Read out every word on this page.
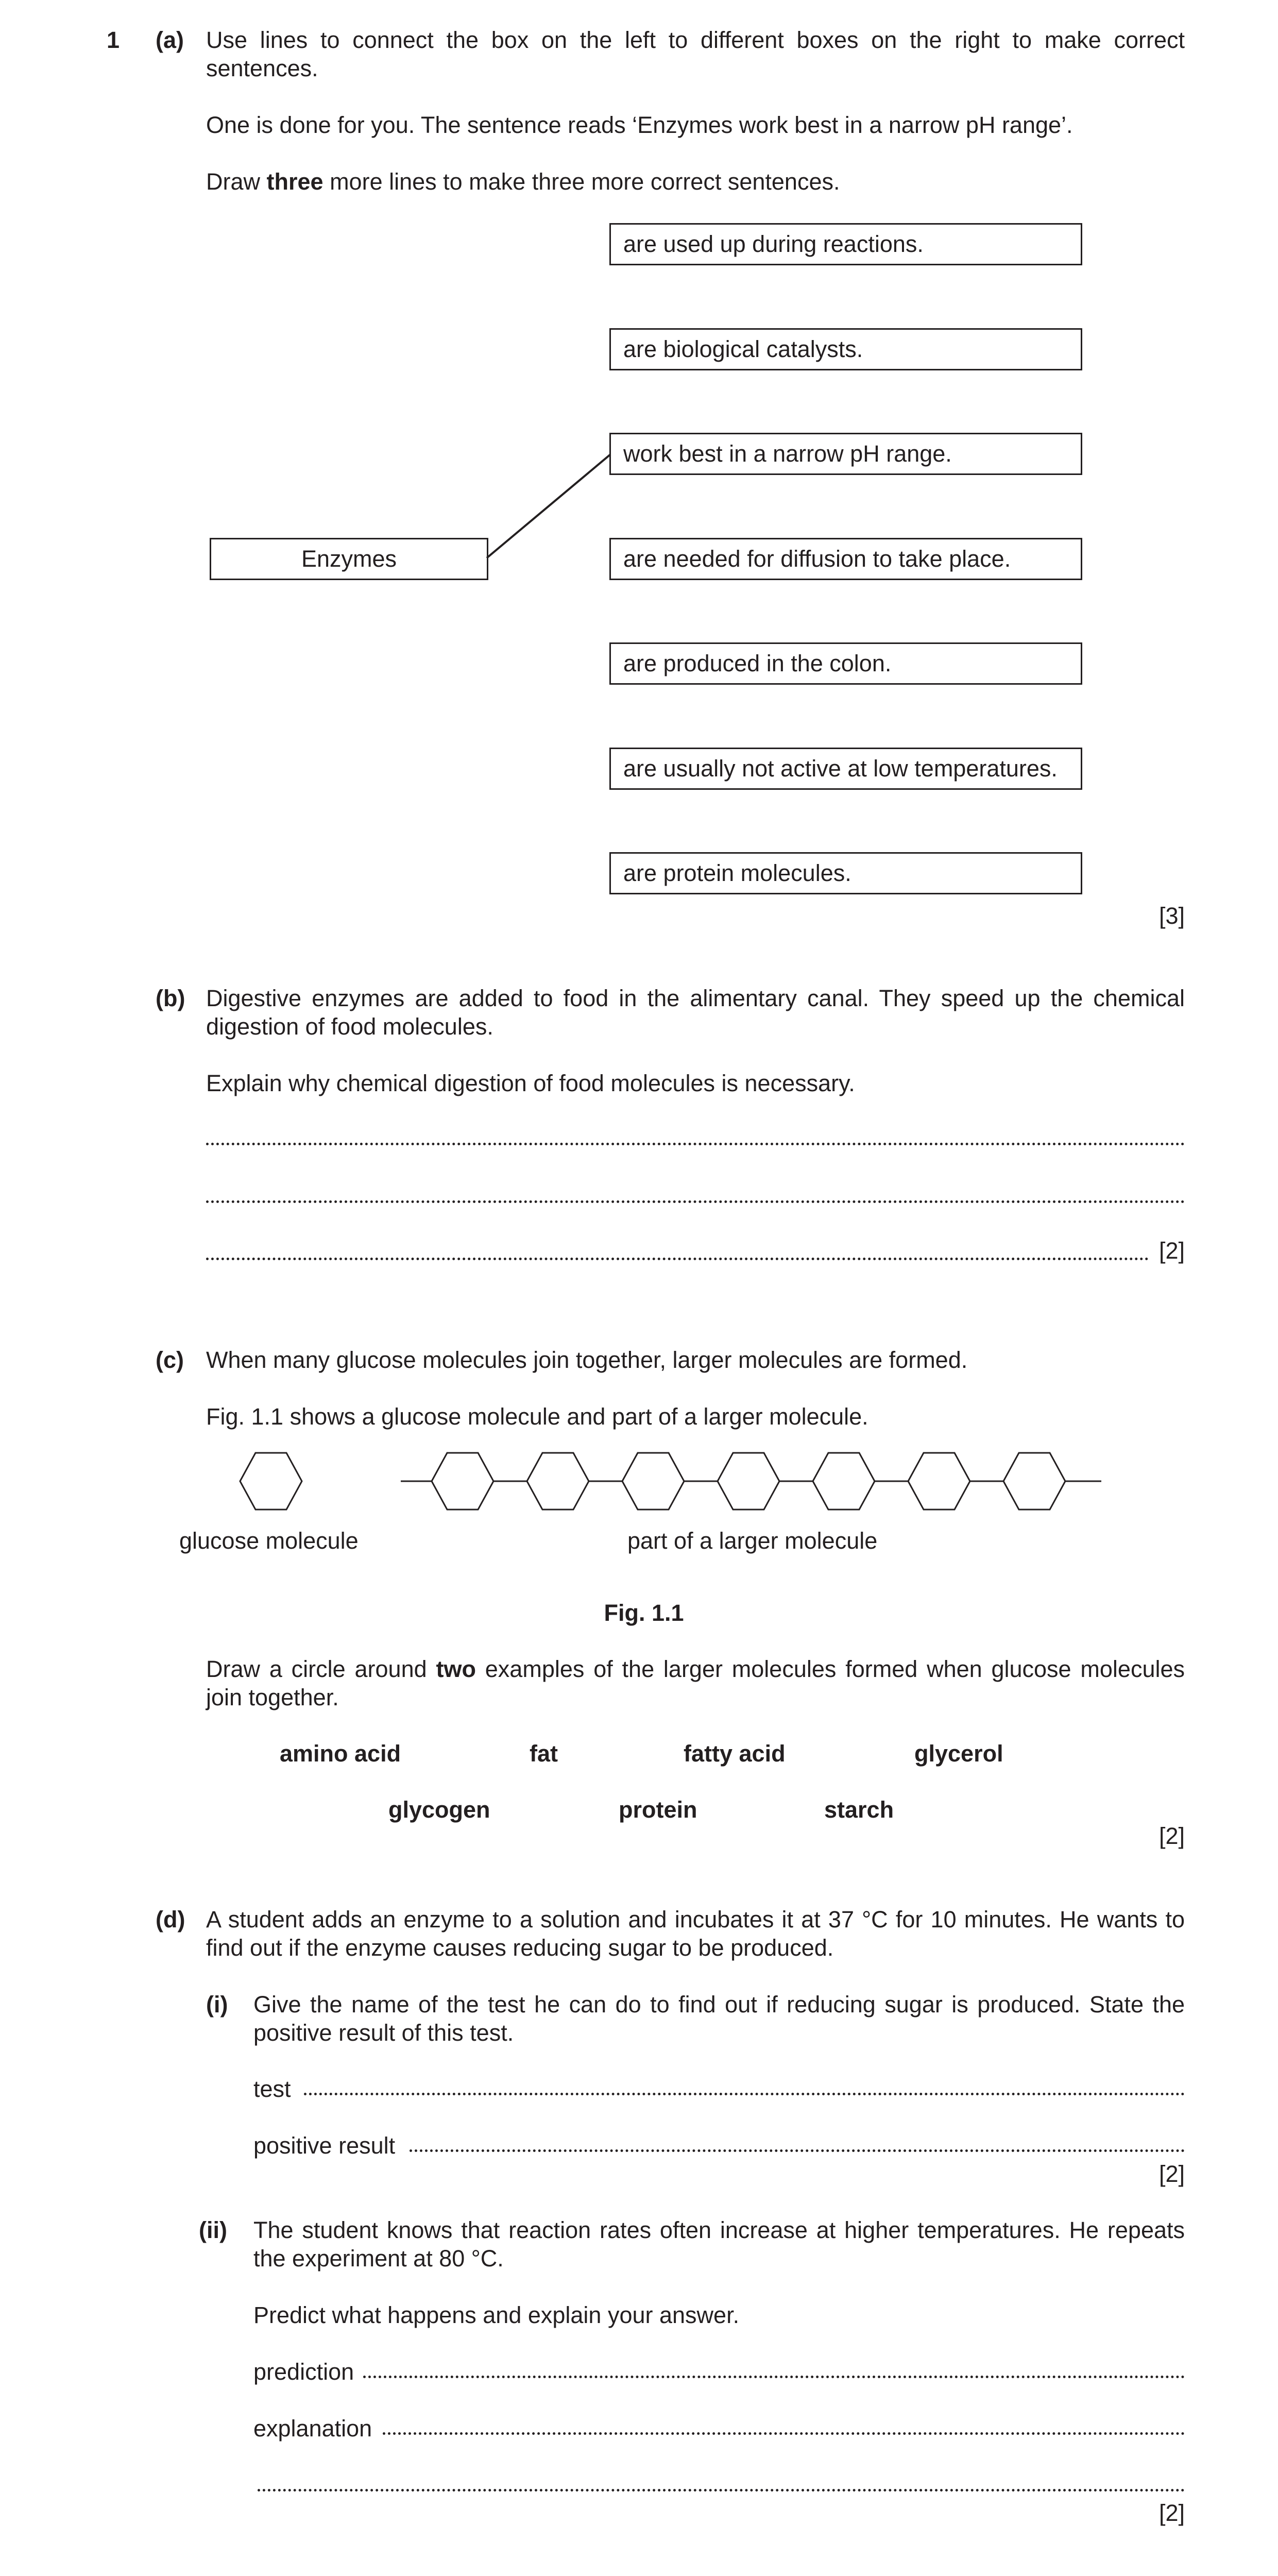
1 (a) Use lines to connect the box on the left to different boxes on the right to make correct sentences.
One is done for you. The sentence reads ‘Enzymes work best in a narrow pH range’.
Draw three more lines to make three more correct sentences.
Enzymes
are used up during reactions.
are biological catalysts.
work best in a narrow pH range.
are needed for diffusion to take place.
are produced in the colon.
are usually not active at low temperatures.
are protein molecules.
[3]
(b) Digestive enzymes are added to food in the alimentary canal. They speed up the chemical digestion of food molecules.
Explain why chemical digestion of food molecules is necessary.
[2]
(c) When many glucose molecules join together, larger molecules are formed.
Fig. 1.1 shows a glucose molecule and part of a larger molecule.
glucose molecule	part of a larger molecule
Fig. 1.1
Draw a circle around two examples of the larger molecules formed when glucose molecules join together.
amino acid	fat	fatty acid	glycerol
glycogen	protein	starch
[2]
(d) A student adds an enzyme to a solution and incubates it at 37 °C for 10 minutes. He wants to find out if the enzyme causes reducing sugar to be produced.
(i) Give the name of the test he can do to find out if reducing sugar is produced. State the positive result of this test.
test
positive result
[2]
(ii) The student knows that reaction rates often increase at higher temperatures. He repeats the experiment at 80 °C.
Predict what happens and explain your answer.
prediction
explanation
[2]
